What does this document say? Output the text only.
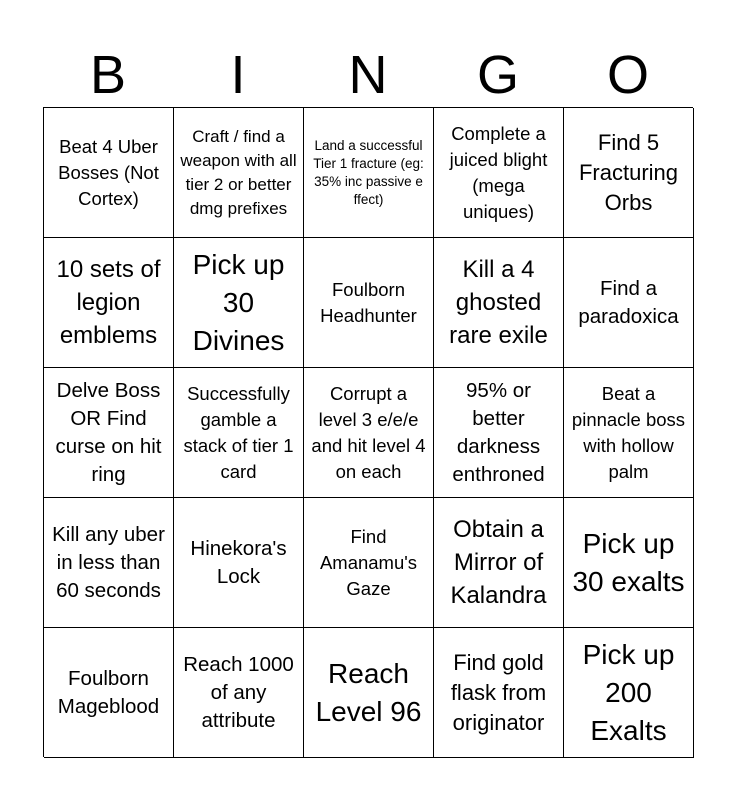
B	I	N	G	O
Beat 4 Uber Bosses (Not Cortex)
Craft / find a weapon with all tier 2 or better dmg prefixes
Land a successful Tier 1 fracture (eg: 35% inc passive e ffect)
Complete a juiced blight (mega uniques)
Find 5 Fracturing Orbs
10 sets of legion emblems
Pick up 30 Divines
Foulborn Headhunter
Kill a 4 ghosted rare exile
Find a paradoxica
Delve Boss OR Find curse on hit ring
Successfully gamble a stack of tier 1 card
Corrupt a level 3 e/e/e and hit level 4 on each
95% or better darkness enthroned
Beat a pinnacle boss with hollow palm
Kill any uber in less than 60 seconds
Hinekora's Lock
Find Amanamu's Gaze
Obtain a Mirror of Kalandra
Pick up 30 exalts
Foulborn Mageblood
Reach 1000 of any attribute
Reach Level 96
Find gold flask from originator
Pick up 200 Exalts
